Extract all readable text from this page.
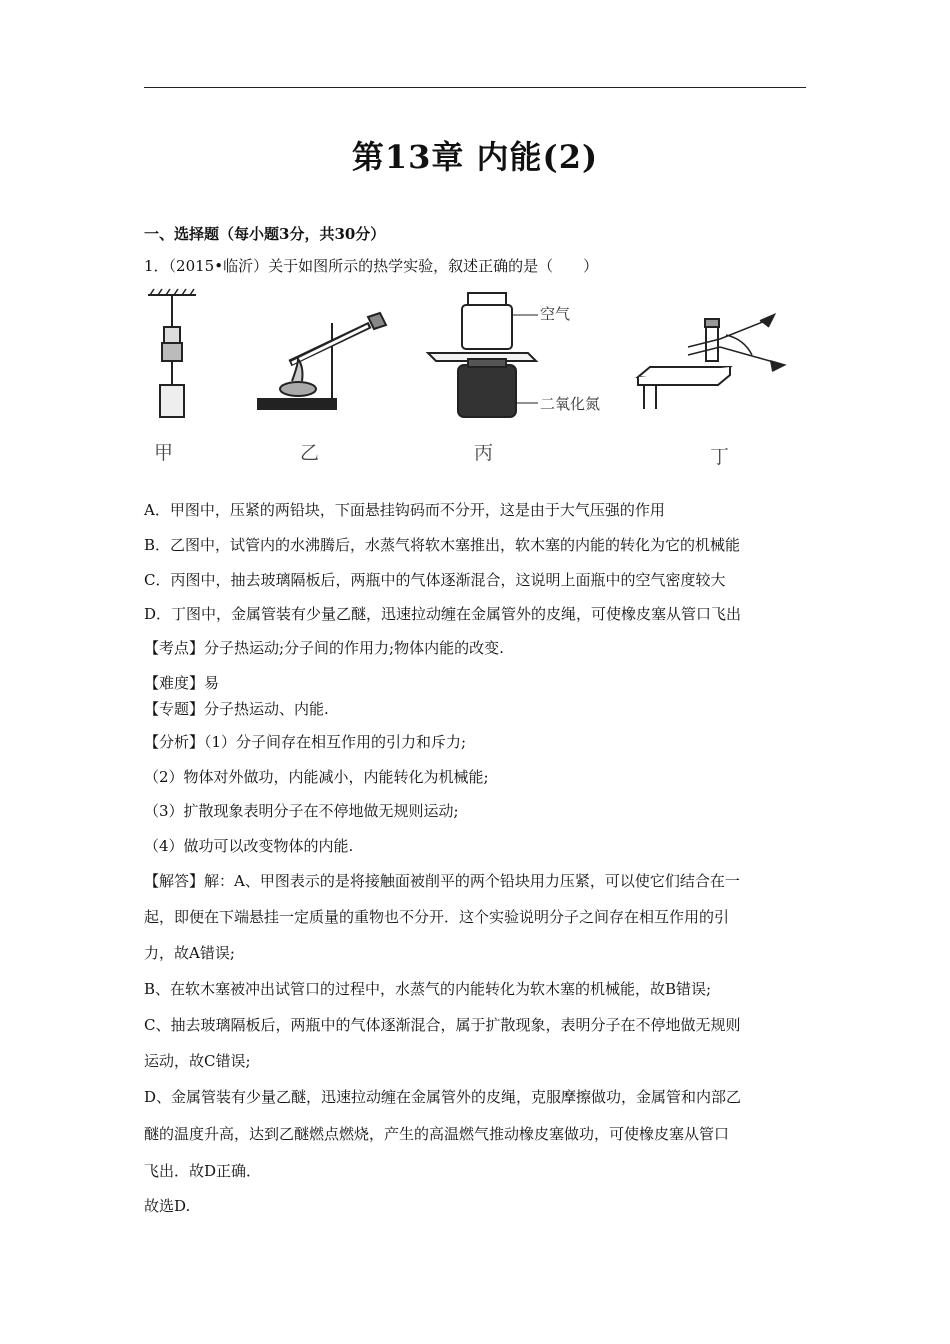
第13章 内能(2)
一、选择题（每小题3分，共30分）
1．（2015•临沂）关于如图所示的热学实验，叙述正确的是（　　）
空气
二氧化氮
甲	乙	丙	丁
A．甲图中，压紧的两铅块，下面悬挂钩码而不分开，这是由于大气压强的作用
B．乙图中，试管内的水沸腾后，水蒸气将软木塞推出，软木塞的内能的转化为它的机械能
C．丙图中，抽去玻璃隔板后，两瓶中的气体逐渐混合，这说明上面瓶中的空气密度较大
D．丁图中，金属管装有少量乙醚，迅速拉动缠在金属管外的皮绳，可使橡皮塞从管口飞出
【考点】分子热运动;分子间的作用力;物体内能的改变.
【难度】易
【专题】分子热运动、内能.
【分析】（1）分子间存在相互作用的引力和斥力;
（2）物体对外做功，内能减小，内能转化为机械能;
（3）扩散现象表明分子在不停地做无规则运动;
（4）做功可以改变物体的内能.
【解答】解：A、甲图表示的是将接触面被削平的两个铅块用力压紧，可以使它们结合在一
起，即便在下端悬挂一定质量的重物也不分开．这个实验说明分子之间存在相互作用的引
力，故A错误;
B、在软木塞被冲出试管口的过程中，水蒸气的内能转化为软木塞的机械能，故B错误;
C、抽去玻璃隔板后，两瓶中的气体逐渐混合，属于扩散现象，表明分子在不停地做无规则
运动，故C错误;
D、金属管装有少量乙醚，迅速拉动缠在金属管外的皮绳，克服摩擦做功，金属管和内部乙
醚的温度升高，达到乙醚燃点燃烧，产生的高温燃气推动橡皮塞做功，可使橡皮塞从管口
飞出．故D正确．
故选D.
